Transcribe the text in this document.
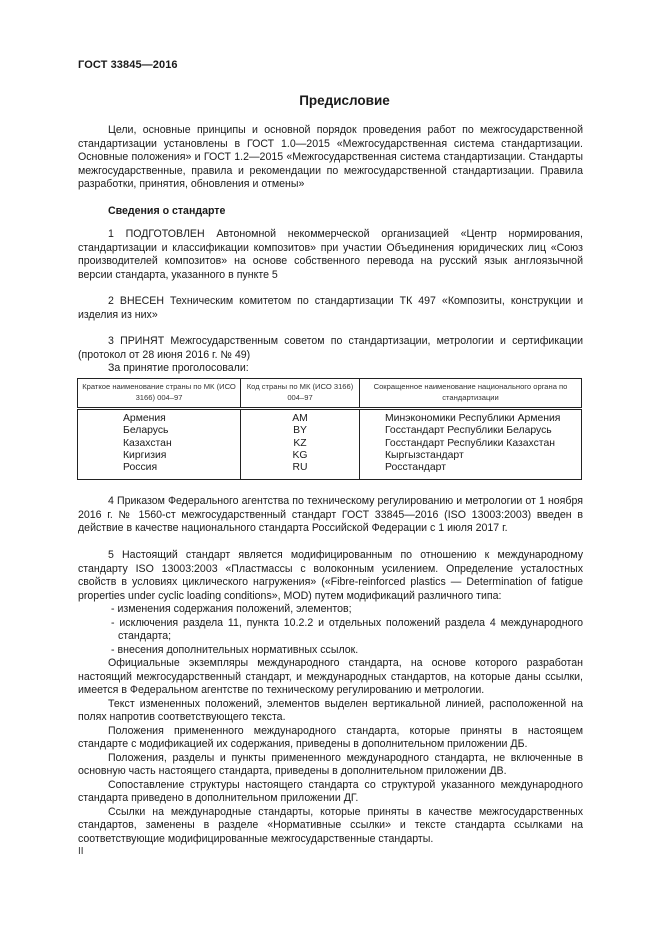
ГОСТ 33845—2016
Предисловие

Цели, основные принципы и основной порядок проведения работ по межгосударственной стандартизации установлены в ГОСТ 1.0—2015 «Межгосударственная система стандартизации. Основные положения» и ГОСТ 1.2—2015 «Межгосударственная система стандартизации. Стандарты межгосударственные, правила и рекомендации по межгосударственной стандартизации. Правила разработки, принятия, обновления и отмены»

Сведения о стандарте

1 ПОДГОТОВЛЕН Автономной некоммерческой организацией «Центр нормирования, стандартизации и классификации композитов» при участии Объединения юридических лиц «Союз производителей композитов» на основе собственного перевода на русский язык англоязычной версии стандарта, указанного в пункте 5

2 ВНЕСЕН Техническим комитетом по стандартизации ТК 497 «Композиты, конструкции и изделия из них»

3 ПРИНЯТ Межгосударственным советом по стандартизации, метрологии и сертификации (протокол от 28 июня 2016 г. № 49)

За принятие проголосовали:

Краткое наименование страны по МК (ИСО 3166) 004–97	Код страны по МК (ИСО 3166) 004–97	Сокращенное наименование национального органа по стандартизации
Армения	AM	Минэкономики Республики Армения
Беларусь	BY	Госстандарт Республики Беларусь
Казахстан	KZ	Госстандарт Республики Казахстан
Киргизия	KG	Кыргызстандарт
Россия	RU	Росстандарт

4 Приказом Федерального агентства по техническому регулированию и метрологии от 1 ноября 2016 г. № 1560-ст межгосударственный стандарт ГОСТ 33845—2016 (ISO 13003:2003) введен в действие в качестве национального стандарта Российской Федерации с 1 июля 2017 г.

5 Настоящий стандарт является модифицированным по отношению к международному стандарту ISO 13003:2003 «Пластмассы с волоконным усилением. Определение усталостных свойств в условиях циклического нагружения» («Fibre-reinforced plastics — Determination of fatigue properties under cyclic loading conditions», MOD) путем модификаций различного типа:

- изменения содержания положений, элементов;
- исключения раздела 11, пункта 10.2.2 и отдельных положений раздела 4 международного стандарта;
- внесения дополнительных нормативных ссылок.

Официальные экземпляры международного стандарта, на основе которого разработан настоящий межгосударственный стандарт, и международных стандартов, на которые даны ссылки, имеется в Федеральном агентстве по техническому регулированию и метрологии.

Текст измененных положений, элементов выделен вертикальной линией, расположенной на полях напротив соответствующего текста.

Положения примененного международного стандарта, которые приняты в настоящем стандарте с модификацией их содержания, приведены в дополнительном приложении ДБ.

Положения, разделы и пункты примененного международного стандарта, не включенные в основную часть настоящего стандарта, приведены в дополнительном приложении ДВ.

Сопоставление структуры настоящего стандарта со структурой указанного международного стандарта приведено в дополнительном приложении ДГ.

Ссылки на международные стандарты, которые приняты в качестве межгосударственных стандартов, заменены в разделе «Нормативные ссылки» и тексте стандарта ссылками на соответствующие модифицированные межгосударственные стандарты.

II
